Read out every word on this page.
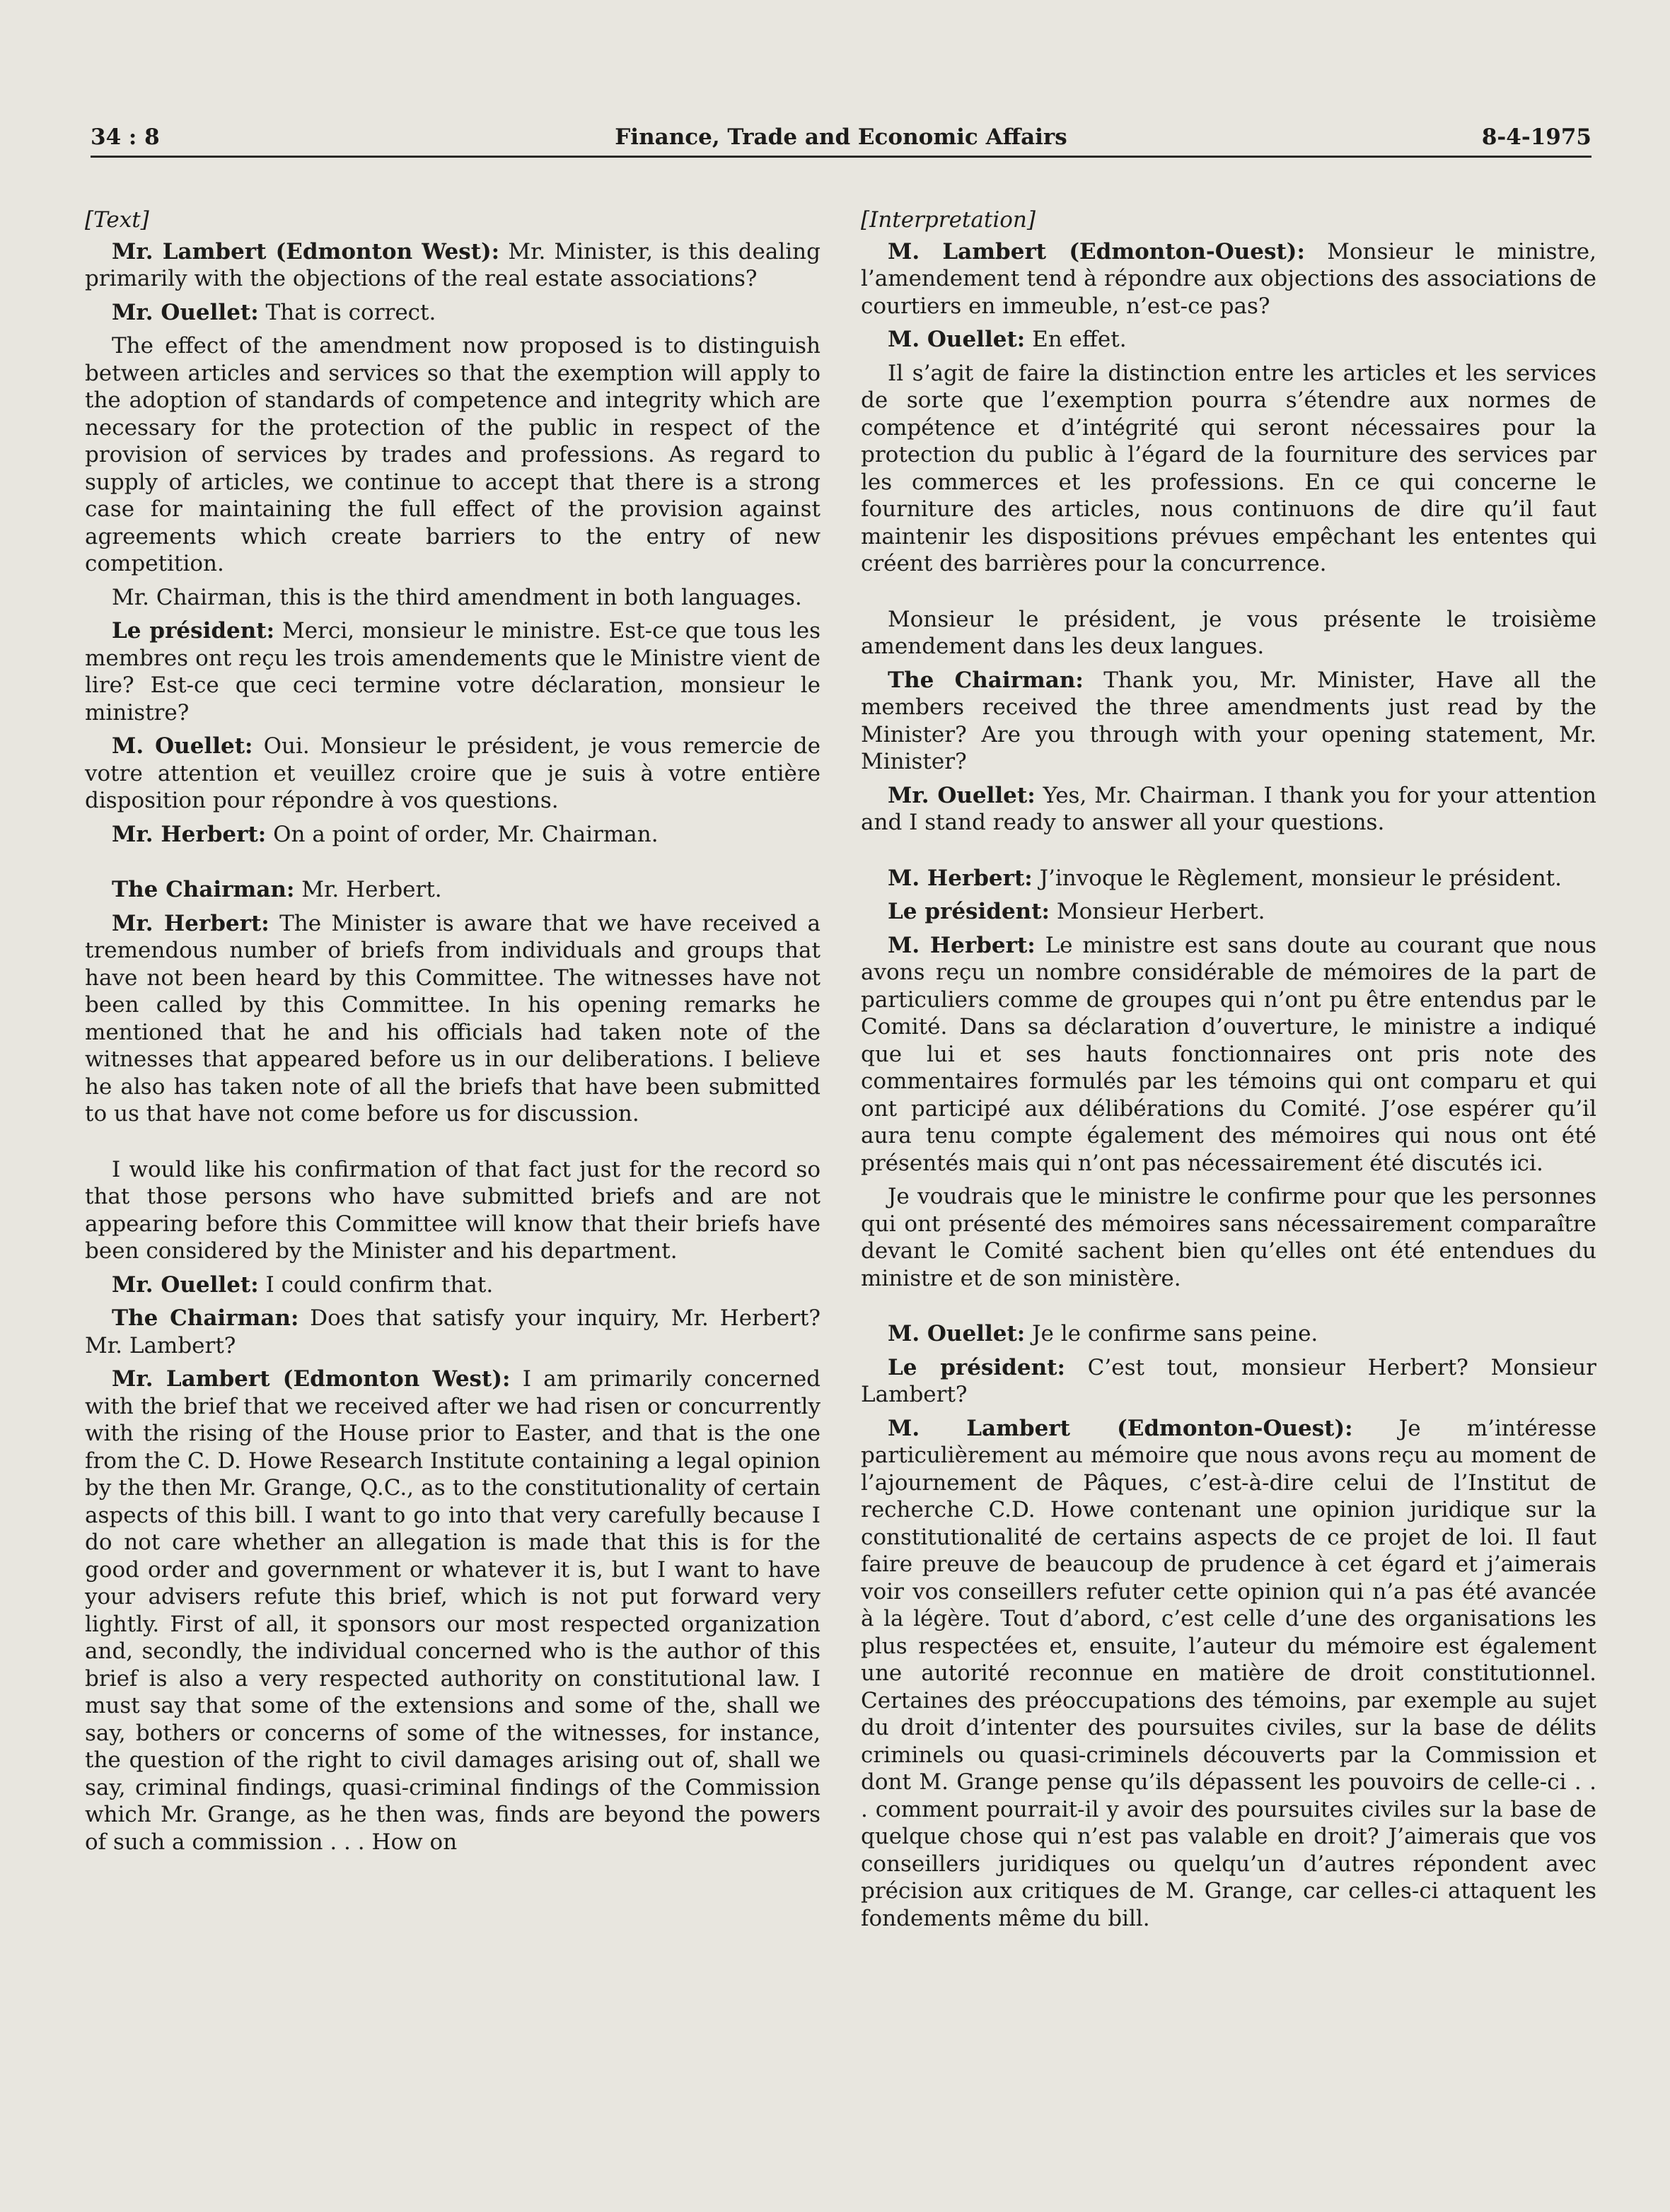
34 : 8	Finance, Trade and Economic Affairs	8-4-1975

[Text]

Mr. Lambert (Edmonton West): Mr. Minister, is this dealing primarily with the objections of the real estate associations?

Mr. Ouellet: That is correct.

The effect of the amendment now proposed is to distinguish between articles and services so that the exemption will apply to the adoption of standards of competence and integrity which are necessary for the protection of the public in respect of the provision of services by trades and professions. As regard to supply of articles, we continue to accept that there is a strong case for maintaining the full effect of the provision against agreements which create barriers to the entry of new competition.

Mr. Chairman, this is the third amendment in both languages.

Le président: Merci, monsieur le ministre. Est-ce que tous les membres ont reçu les trois amendements que le Ministre vient de lire? Est-ce que ceci termine votre déclaration, monsieur le ministre?

M. Ouellet: Oui. Monsieur le président, je vous remercie de votre attention et veuillez croire que je suis à votre entière disposition pour répondre à vos questions.

Mr. Herbert: On a point of order, Mr. Chairman.

The Chairman: Mr. Herbert.

Mr. Herbert: The Minister is aware that we have received a tremendous number of briefs from individuals and groups that have not been heard by this Committee. The witnesses have not been called by this Committee. In his opening remarks he mentioned that he and his officials had taken note of the witnesses that appeared before us in our deliberations. I believe he also has taken note of all the briefs that have been submitted to us that have not come before us for discussion.

I would like his confirmation of that fact just for the record so that those persons who have submitted briefs and are not appearing before this Committee will know that their briefs have been considered by the Minister and his department.

Mr. Ouellet: I could confirm that.

The Chairman: Does that satisfy your inquiry, Mr. Herbert? Mr. Lambert?

Mr. Lambert (Edmonton West): I am primarily concerned with the brief that we received after we had risen or concurrently with the rising of the House prior to Easter, and that is the one from the C. D. Howe Research Institute containing a legal opinion by the then Mr. Grange, Q.C., as to the constitutionality of certain aspects of this bill. I want to go into that very carefully because I do not care whether an allegation is made that this is for the good order and government or whatever it is, but I want to have your advisers refute this brief, which is not put forward very lightly. First of all, it sponsors our most respected organization and, secondly, the individual concerned who is the author of this brief is also a very respected authority on constitutional law. I must say that some of the extensions and some of the, shall we say, bothers or concerns of some of the witnesses, for instance, the question of the right to civil damages arising out of, shall we say, criminal findings, quasi-criminal findings of the Commission which Mr. Grange, as he then was, finds are beyond the powers of such a commission . . . How on

[Interpretation]

M. Lambert (Edmonton-Ouest): Monsieur le ministre, l’amendement tend à répondre aux objections des associations de courtiers en immeuble, n’est-ce pas?

M. Ouellet: En effet.

Il s’agit de faire la distinction entre les articles et les services de sorte que l’exemption pourra s’étendre aux normes de compétence et d’intégrité qui seront nécessaires pour la protection du public à l’égard de la fourniture des services par les commerces et les professions. En ce qui concerne le fourniture des articles, nous continuons de dire qu’il faut maintenir les dispositions prévues empêchant les ententes qui créent des barrières pour la concurrence.

Monsieur le président, je vous présente le troisième amendement dans les deux langues.

The Chairman: Thank you, Mr. Minister, Have all the members received the three amendments just read by the Minister? Are you through with your opening statement, Mr. Minister?

Mr. Ouellet: Yes, Mr. Chairman. I thank you for your attention and I stand ready to answer all your questions.

M. Herbert: J’invoque le Règlement, monsieur le président.

Le président: Monsieur Herbert.

M. Herbert: Le ministre est sans doute au courant que nous avons reçu un nombre considérable de mémoires de la part de particuliers comme de groupes qui n’ont pu être entendus par le Comité. Dans sa déclaration d’ouverture, le ministre a indiqué que lui et ses hauts fonctionnaires ont pris note des commentaires formulés par les témoins qui ont comparu et qui ont participé aux délibérations du Comité. J’ose espérer qu’il aura tenu compte également des mémoires qui nous ont été présentés mais qui n’ont pas nécessairement été discutés ici.

Je voudrais que le ministre le confirme pour que les personnes qui ont présenté des mémoires sans nécessairement comparaître devant le Comité sachent bien qu’elles ont été entendues du ministre et de son ministère.

M. Ouellet: Je le confirme sans peine.

Le président: C’est tout, monsieur Herbert? Monsieur Lambert?

M. Lambert (Edmonton-Ouest): Je m’intéresse particulièrement au mémoire que nous avons reçu au moment de l’ajournement de Pâques, c’est-à-dire celui de l’Institut de recherche C.D. Howe contenant une opinion juridique sur la constitutionalité de certains aspects de ce projet de loi. Il faut faire preuve de beaucoup de prudence à cet égard et j’aimerais voir vos conseillers refuter cette opinion qui n’a pas été avancée à la légère. Tout d’abord, c’est celle d’une des organisations les plus respectées et, ensuite, l’auteur du mémoire est également une autorité reconnue en matière de droit constitutionnel. Certaines des préoccupations des témoins, par exemple au sujet du droit d’intenter des poursuites civiles, sur la base de délits criminels ou quasi-criminels découverts par la Commission et dont M. Grange pense qu’ils dépassent les pouvoirs de celle-ci . . . comment pourrait-il y avoir des poursuites civiles sur la base de quelque chose qui n’est pas valable en droit? J’aimerais que vos conseillers juridiques ou quelqu’un d’autres répondent avec précision aux critiques de M. Grange, car celles-ci attaquent les fondements même du bill.
